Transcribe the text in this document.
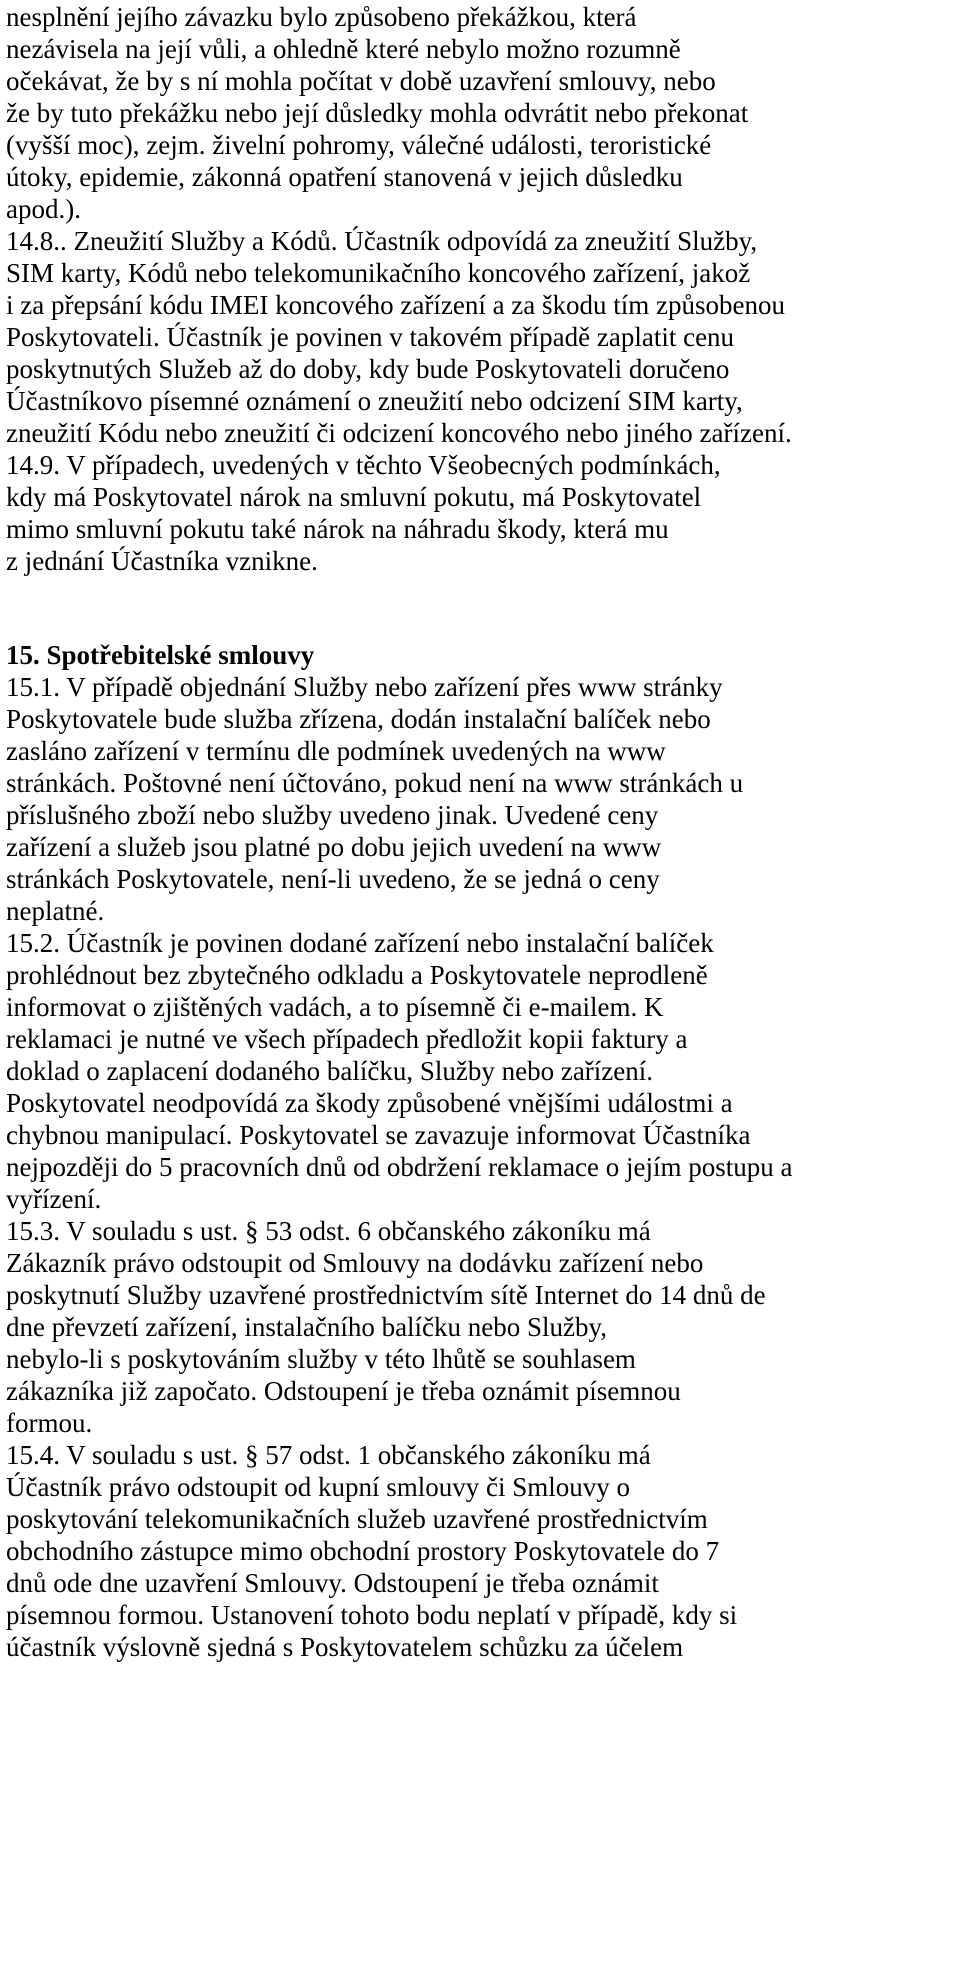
nesplnění jejího závazku bylo způsobeno překážkou, která
nezávisela na její vůli, a ohledně které nebylo možno rozumně
očekávat, že by s ní mohla počítat v době uzavření smlouvy, nebo
že by tuto překážku nebo její důsledky mohla odvrátit nebo překonat
(vyšší moc), zejm. živelní pohromy, válečné události, teroristické
útoky, epidemie, zákonná opatření stanovená v jejich důsledku
apod.).
14.8.. Zneužití Služby a Kódů. Účastník odpovídá za zneužití Služby,
SIM karty, Kódů nebo telekomunikačního koncového zařízení, jakož
i za přepsání kódu IMEI koncového zařízení a za škodu tím způsobenou
Poskytovateli. Účastník je povinen v takovém případě zaplatit cenu
poskytnutých Služeb až do doby, kdy bude Poskytovateli doručeno
Účastníkovo písemné oznámení o zneužití nebo odcizení SIM karty,
zneužití Kódu nebo zneužití či odcizení koncového nebo jiného zařízení.
14.9. V případech, uvedených v těchto Všeobecných podmínkách,
kdy má Poskytovatel nárok na smluvní pokutu, má Poskytovatel
mimo smluvní pokutu také nárok na náhradu škody, která mu
z jednání Účastníka vznikne.
15. Spotřebitelské smlouvy
15.1. V případě objednání Služby nebo zařízení přes www stránky
Poskytovatele bude služba zřízena, dodán instalační balíček nebo
zasláno zařízení v termínu dle podmínek uvedených na www
stránkách. Poštovné není účtováno, pokud není na www stránkách u
příslušného zboží nebo služby uvedeno jinak. Uvedené ceny
zařízení a služeb jsou platné po dobu jejich uvedení na www
stránkách Poskytovatele, není-li uvedeno, že se jedná o ceny
neplatné.
15.2. Účastník je povinen dodané zařízení nebo instalační balíček
prohlédnout bez zbytečného odkladu a Poskytovatele neprodleně
informovat o zjištěných vadách, a to písemně či e-mailem. K
reklamaci je nutné ve všech případech předložit kopii faktury a
doklad o zaplacení dodaného balíčku, Služby nebo zařízení.
Poskytovatel neodpovídá za škody způsobené vnějšími událostmi a
chybnou manipulací. Poskytovatel se zavazuje informovat Účastníka
nejpozději do 5 pracovních dnů od obdržení reklamace o jejím postupu a
vyřízení.
15.3. V souladu s ust. § 53 odst. 6 občanského zákoníku má
Zákazník právo odstoupit od Smlouvy na dodávku zařízení nebo
poskytnutí Služby uzavřené prostřednictvím sítě Internet do 14 dnů de
dne převzetí zařízení, instalačního balíčku nebo Služby,
nebylo-li s poskytováním služby v této lhůtě se souhlasem
zákazníka již započato. Odstoupení je třeba oznámit písemnou
formou.
15.4. V souladu s ust. § 57 odst. 1 občanského zákoníku má
Účastník právo odstoupit od kupní smlouvy či Smlouvy o
poskytování telekomunikačních služeb uzavřené prostřednictvím
obchodního zástupce mimo obchodní prostory Poskytovatele do 7
dnů ode dne uzavření Smlouvy. Odstoupení je třeba oznámit
písemnou formou. Ustanovení tohoto bodu neplatí v případě, kdy si
účastník výslovně sjedná s Poskytovatelem schůzku za účelem
